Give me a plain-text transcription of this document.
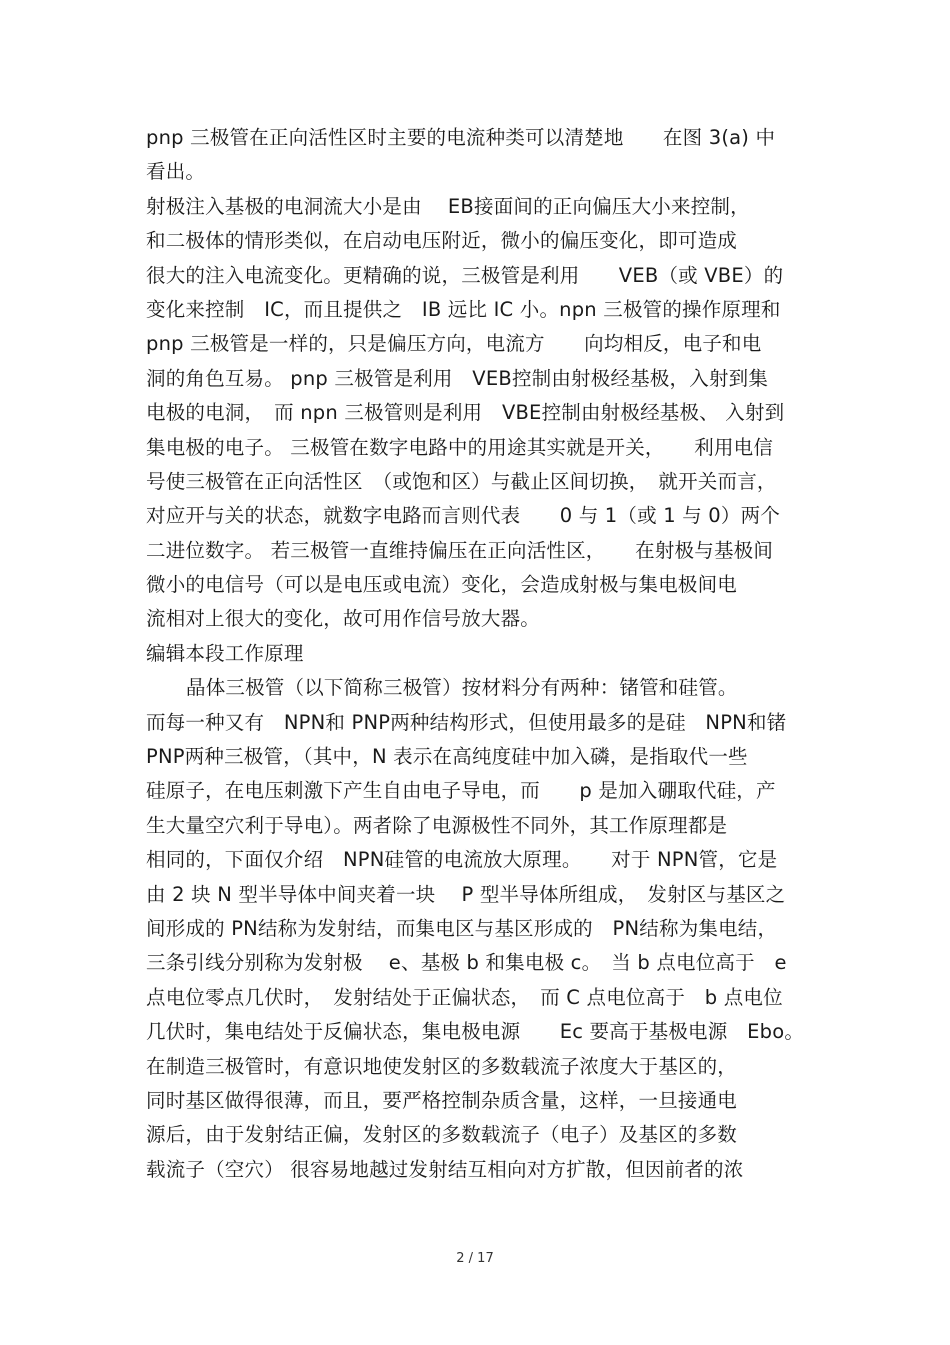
pnp 三极管在正向活性区时主要的电流种类可以清楚地　　在图 3(a) 中
看出。
射极注入基极的电洞流大小是由　 EB接面间的正向偏压大小来控制，
和二极体的情形类似，在启动电压附近，微小的偏压变化，即可造成
很大的注入电流变化。更精确的说，三极管是利用　　VEB（或 VBE）的
变化来控制　IC，而且提供之　IB 远比 IC 小。npn 三极管的操作原理和
pnp 三极管是一样的，只是偏压方向，电流方　　向均相反，电子和电
洞的角色互易。 pnp 三极管是利用　VEB控制由射极经基极，入射到集
电极的电洞，　而 npn 三极管则是利用　VBE控制由射极经基极、 入射到
集电极的电子。 三极管在数字电路中的用途其实就是开关，　　利用电信
号使三极管在正向活性区　（或饱和区）与截止区间切换，　就开关而言，
对应开与关的状态，就数字电路而言则代表　　0 与 1（或 1 与 0）两个
二进位数字。 若三极管一直维持偏压在正向活性区，　　在射极与基极间
微小的电信号（可以是电压或电流）变化，会造成射极与集电极间电
流相对上很大的变化，故可用作信号放大器。
编辑本段工作原理
晶体三极管（以下简称三极管）按材料分有两种：锗管和硅管。
而每一种又有　NPN和 PNP两种结构形式，但使用最多的是硅　NPN和锗
PNP两种三极管，（其中，N 表示在高纯度硅中加入磷，是指取代一些
硅原子，在电压刺激下产生自由电子导电，而　　p 是加入硼取代硅，产
生大量空穴利于导电）。两者除了电源极性不同外，其工作原理都是
相同的，下面仅介绍　NPN硅管的电流放大原理。　　对于 NPN管，它是
由 2 块 N 型半导体中间夹着一块　 P 型半导体所组成，　发射区与基区之
间形成的 PN结称为发射结，而集电区与基区形成的　PN结称为集电结，
三条引线分别称为发射极　 e、基极 b 和集电极 c。　当 b 点电位高于　e
点电位零点几伏时，　发射结处于正偏状态，　而 C 点电位高于　b 点电位
几伏时，集电结处于反偏状态，集电极电源　　Ec 要高于基极电源　Ebo。
在制造三极管时，有意识地使发射区的多数载流子浓度大于基区的，
同时基区做得很薄，而且，要严格控制杂质含量，这样，一旦接通电
源后，由于发射结正偏，发射区的多数载流子（电子）及基区的多数
载流子（空穴） 很容易地越过发射结互相向对方扩散，但因前者的浓
2 / 17
